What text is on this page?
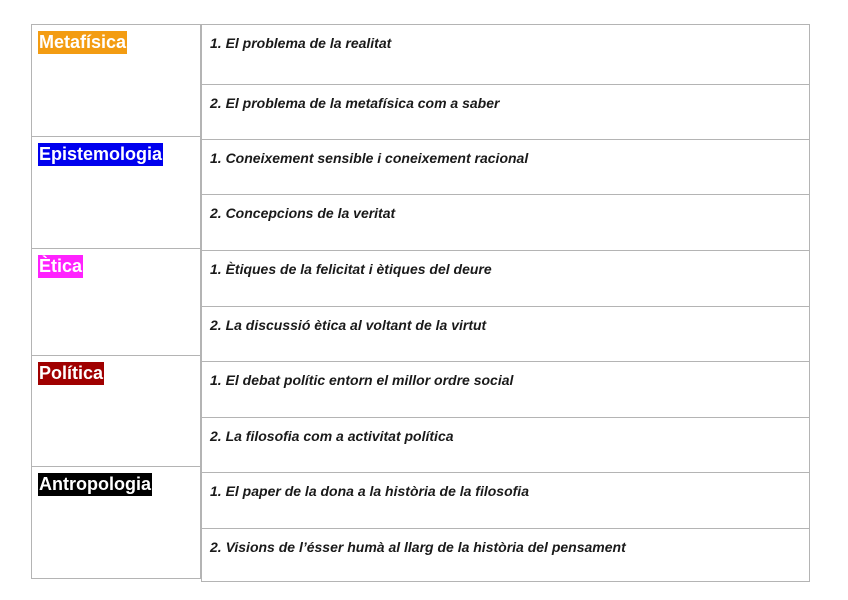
Metafísica
Epistemologia
Ètica
Política
Antropologia
1. El problema de la realitat
2. El problema de la metafísica com a saber
1. Coneixement sensible i coneixement racional
2. Concepcions de la veritat
1. Ètiques de la felicitat i ètiques del deure
2. La discussió ètica al voltant de la virtut
1. El debat polític entorn el millor ordre social
2. La filosofia com a activitat política
1. El paper de la dona a la història de la filosofia
2. Visions de l’ésser humà al llarg de la història del pensament
